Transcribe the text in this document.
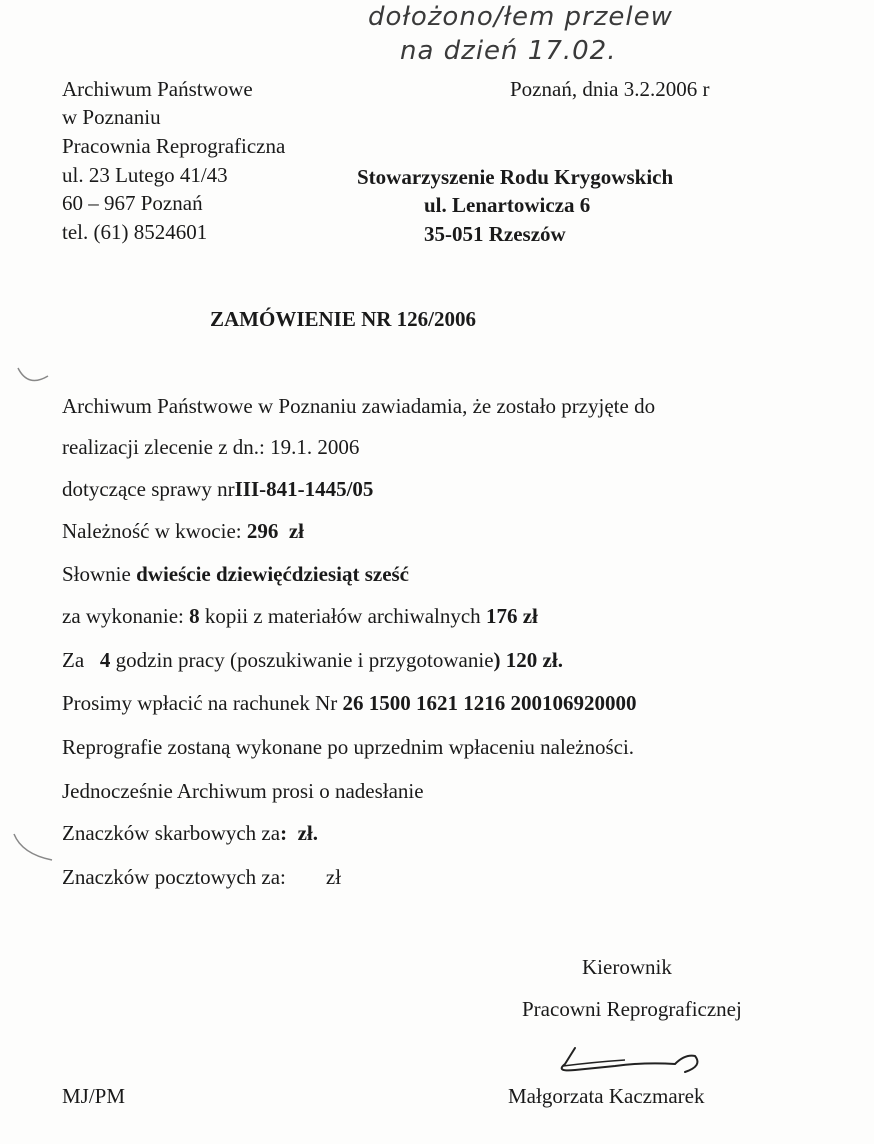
dołożono/łem przelew
na dzień 17.02.
Archiwum Państwowe
w Poznaniu
Pracownia Reprograficzna
ul. 23 Lutego 41/43
60 – 967 Poznań
tel. (61) 8524601
Poznań, dnia 3.2.2006 r
Stowarzyszenie Rodu Krygowskich
ul. Lenartowicza 6
35-051 Rzeszów
ZAMÓWIENIE NR 126/2006
Archiwum Państwowe w Poznaniu zawiadamia, że zostało przyjęte do
realizacji zlecenie z dn.: 19.1. 2006
dotyczące sprawy nrIII-841-1445/05
Należność w kwocie: 296 zł
Słownie dwieście dziewięćdziesiąt sześć
za wykonanie: 8 kopii z materiałów archiwalnych 176 zł
Za   4 godzin pracy (poszukiwanie i przygotowanie) 120 zł.
Prosimy wpłacić na rachunek Nr 26 1500 1621 1216 200106920000
Reprografie zostaną wykonane po uprzednim wpłaceniu należności.
Jednocześnie Archiwum prosi o nadesłanie
Znaczków skarbowych za:  zł.
Znaczków pocztowych za: zł
Kierownik
Pracowni Reprograficznej
Małgorzata Kaczmarek
MJ/PM
